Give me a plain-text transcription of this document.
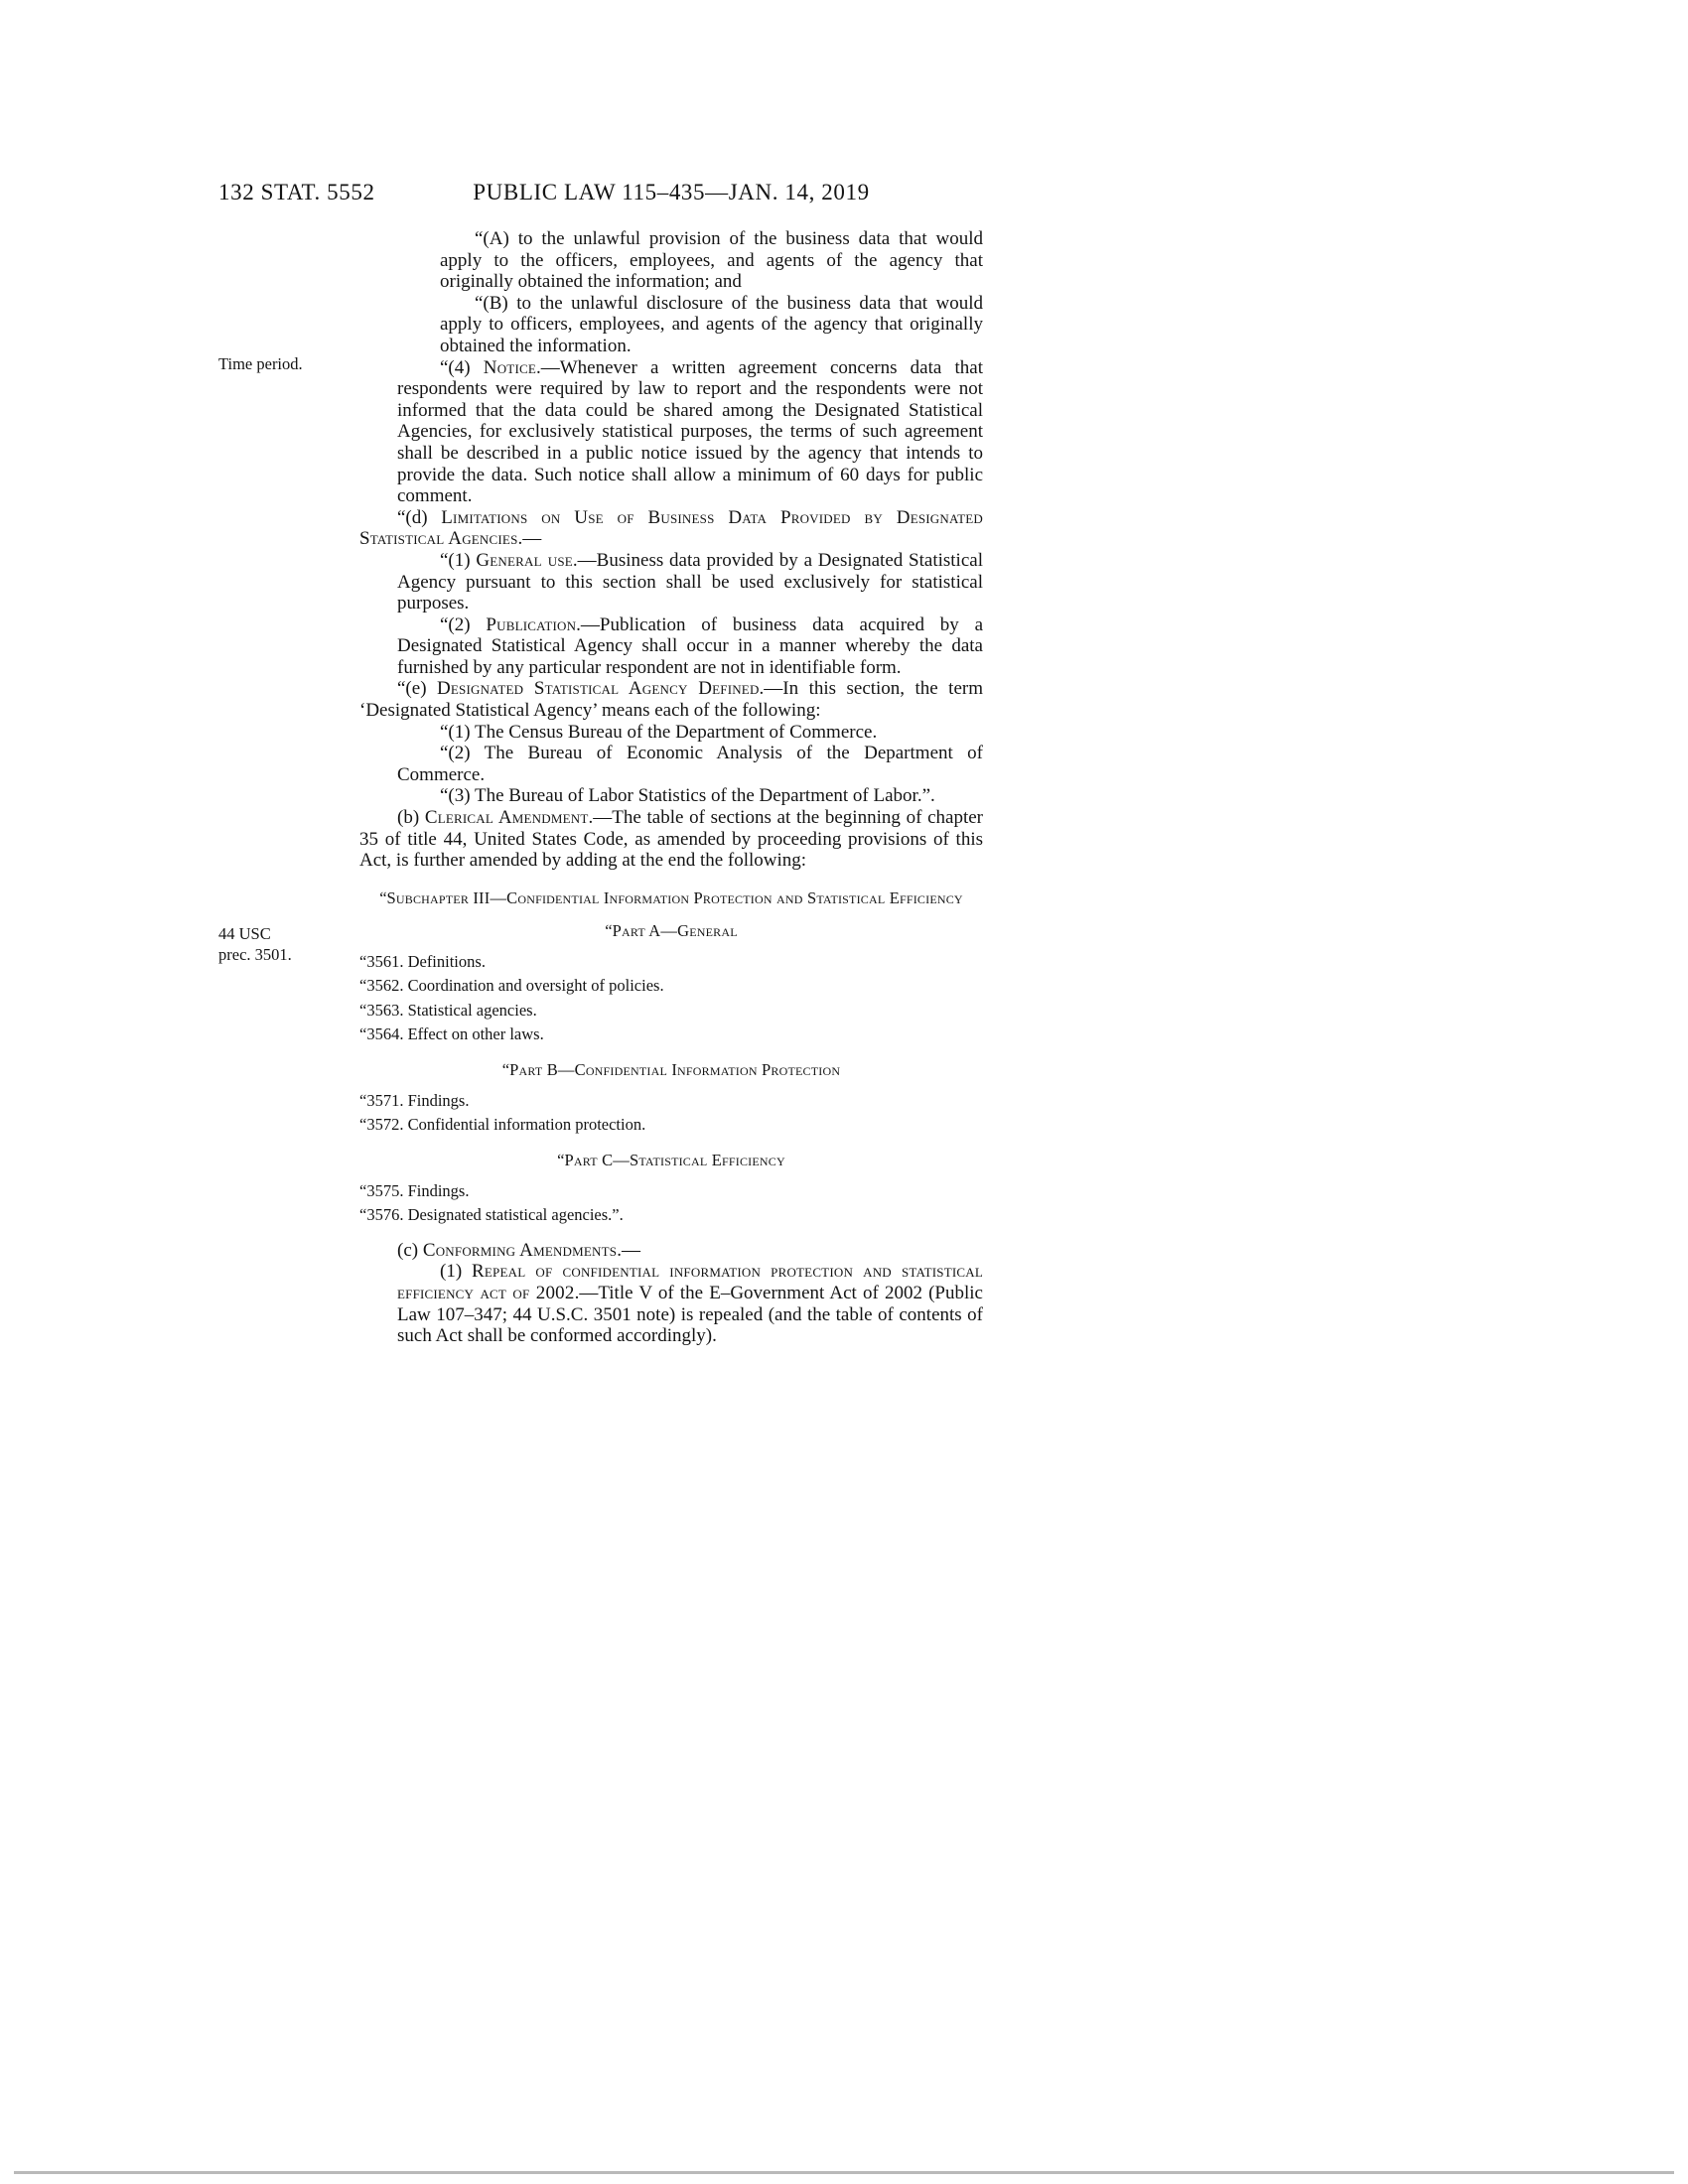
132 STAT. 5552	PUBLIC LAW 115–435—JAN. 14, 2019
Time period.
44 USC
prec. 3501.

“(A) to the unlawful provision of the business data that would apply to the officers, employees, and agents of the agency that originally obtained the information; and

“(B) to the unlawful disclosure of the business data that would apply to officers, employees, and agents of the agency that originally obtained the information.

“(4) Notice.—Whenever a written agreement concerns data that respondents were required by law to report and the respondents were not informed that the data could be shared among the Designated Statistical Agencies, for exclusively statistical purposes, the terms of such agreement shall be described in a public notice issued by the agency that intends to provide the data. Such notice shall allow a minimum of 60 days for public comment.

“(d) Limitations on Use of Business Data Provided by Designated Statistical Agencies.—

“(1) General use.—Business data provided by a Designated Statistical Agency pursuant to this section shall be used exclusively for statistical purposes.

“(2) Publication.—Publication of business data acquired by a Designated Statistical Agency shall occur in a manner whereby the data furnished by any particular respondent are not in identifiable form.

“(e) Designated Statistical Agency Defined.—In this section, the term ‘Designated Statistical Agency’ means each of the following:

“(1) The Census Bureau of the Department of Commerce.

“(2) The Bureau of Economic Analysis of the Department of Commerce.

“(3) The Bureau of Labor Statistics of the Department of Labor.”.

(b) Clerical Amendment.—The table of sections at the beginning of chapter 35 of title 44, United States Code, as amended by proceeding provisions of this Act, is further amended by adding at the end the following:

“Subchapter III—Confidential Information Protection and Statistical Efficiency

“Part A—General

“3561. Definitions.

“3562. Coordination and oversight of policies.

“3563. Statistical agencies.

“3564. Effect on other laws.

“Part B—Confidential Information Protection

“3571. Findings.

“3572. Confidential information protection.

“Part C—Statistical Efficiency

“3575. Findings.

“3576. Designated statistical agencies.”.

(c) Conforming Amendments.—

(1) Repeal of confidential information protection and statistical efficiency act of 2002.—Title V of the E–Government Act of 2002 (Public Law 107–347; 44 U.S.C. 3501 note) is repealed (and the table of contents of such Act shall be conformed accordingly).
